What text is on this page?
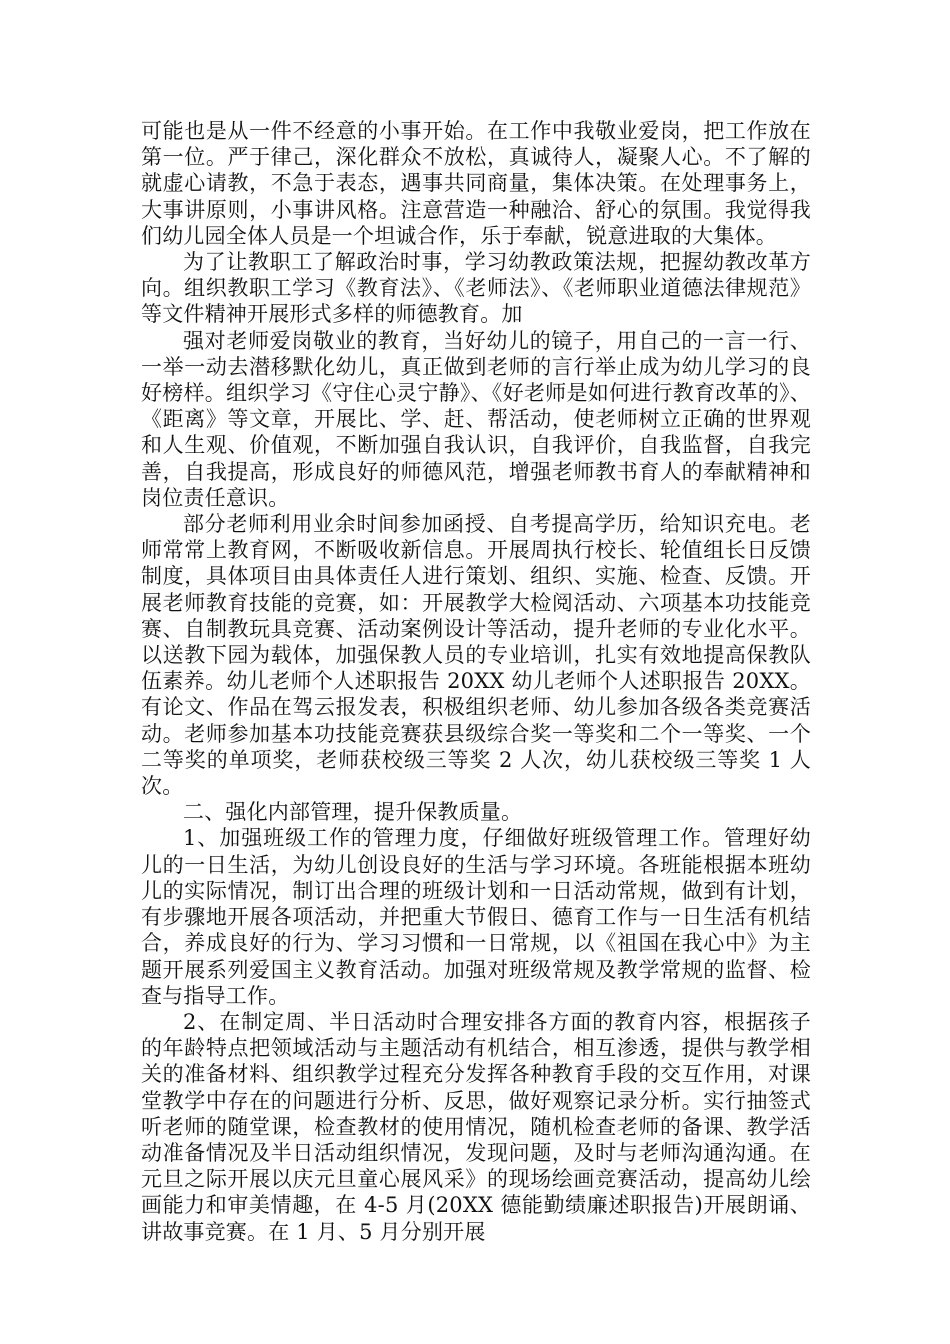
可能也是从一件不经意的小事开始。在工作中我敬业爱岗，把工作放在第一位。严于律己，深化群众不放松，真诚待人，凝聚人心。不了解的就虚心请教，不急于表态，遇事共同商量，集体决策。在处理事务上，大事讲原则，小事讲风格。注意营造一种融洽、舒心的氛围。我觉得我们幼儿园全体人员是一个坦诚合作，乐于奉献，锐意进取的大集体。

为了让教职工了解政治时事，学习幼教政策法规，把握幼教改革方向。组织教职工学习《教育法》、《老师法》、《老师职业道德法律规范》等文件精神开展形式多样的师德教育。加

强对老师爱岗敬业的教育，当好幼儿的镜子，用自己的一言一行、一举一动去潜移默化幼儿，真正做到老师的言行举止成为幼儿学习的良好榜样。组织学习《守住心灵宁静》、《好老师是如何进行教育改革的》、《距离》等文章，开展比、学、赶、帮活动，使老师树立正确的世界观和人生观、价值观，不断加强自我认识，自我评价，自我监督，自我完善，自我提高，形成良好的师德风范，增强老师教书育人的奉献精神和岗位责任意识。

部分老师利用业余时间参加函授、自考提高学历，给知识充电。老师常常上教育网，不断吸收新信息。开展周执行校长、轮值组长日反馈制度，具体项目由具体责任人进行策划、组织、实施、检查、反馈。开展老师教育技能的竞赛，如：开展教学大检阅活动、六项基本功技能竞赛、自制教玩具竞赛、活动案例设计等活动，提升老师的专业化水平。以送教下园为载体，加强保教人员的专业培训，扎实有效地提高保教队伍素养。幼儿老师个人述职报告 20XX 幼儿老师个人述职报告 20XX。有论文、作品在驾云报发表，积极组织老师、幼儿参加各级各类竞赛活动。老师参加基本功技能竞赛获县级综合奖一等奖和二个一等奖、一个二等奖的单项奖，老师获校级三等奖 2 人次，幼儿获校级三等奖 1 人次。

二、强化内部管理，提升保教质量。

1、加强班级工作的管理力度，仔细做好班级管理工作。管理好幼儿的一日生活，为幼儿创设良好的生活与学习环境。各班能根据本班幼儿的实际情况，制订出合理的班级计划和一日活动常规，做到有计划，有步骤地开展各项活动，并把重大节假日、德育工作与一日生活有机结合，养成良好的行为、学习习惯和一日常规，以《祖国在我心中》为主题开展系列爱国主义教育活动。加强对班级常规及教学常规的监督、检查与指导工作。

2、在制定周、半日活动时合理安排各方面的教育内容，根据孩子的年龄特点把领域活动与主题活动有机结合，相互渗透，提供与教学相关的准备材料、组织教学过程充分发挥各种教育手段的交互作用，对课堂教学中存在的问题进行分析、反思，做好观察记录分析。实行抽签式听老师的随堂课，检查教材的使用情况，随机检查老师的备课、教学活动准备情况及半日活动组织情况，发现问题，及时与老师沟通沟通。在元旦之际开展以庆元旦童心展风采》的现场绘画竞赛活动，提高幼儿绘画能力和审美情趣，在 4-5 月(20XX 德能勤绩廉述职报告)开展朗诵、讲故事竞赛。在 1 月、5 月分别开展
